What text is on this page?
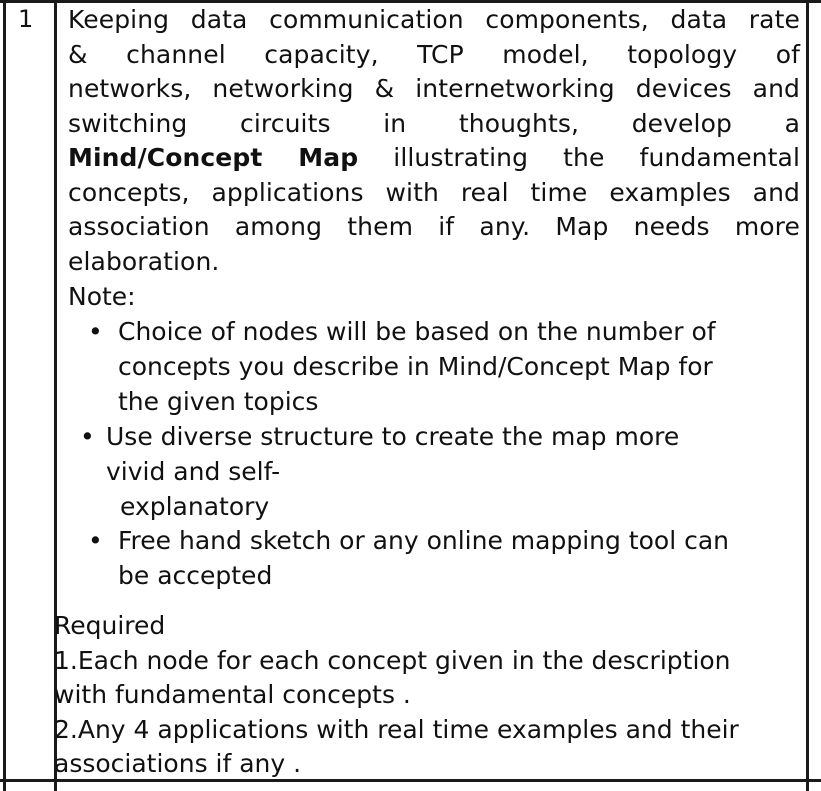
1 Keeping data communication components, data rate

& channel capacity, TCP model, topology of

networks, networking & internetworking devices and

switching circuits in thoughts, develop a

Mind/Concept Map illustrating the fundamental

concepts, applications with real time examples and

association among them if any. Map needs more

elaboration.

Note:
• Choice of nodes will be based on the number of
concepts you describe in Mind/Concept Map for
the given topics
• Use diverse structure to create the map more
vivid and self-
explanatory
• Free hand sketch or any online mapping tool can
be accepted

Required

1.Each node for each concept given in the description

with fundamental concepts .

2.Any 4 applications with real time examples and their

associations if any .
